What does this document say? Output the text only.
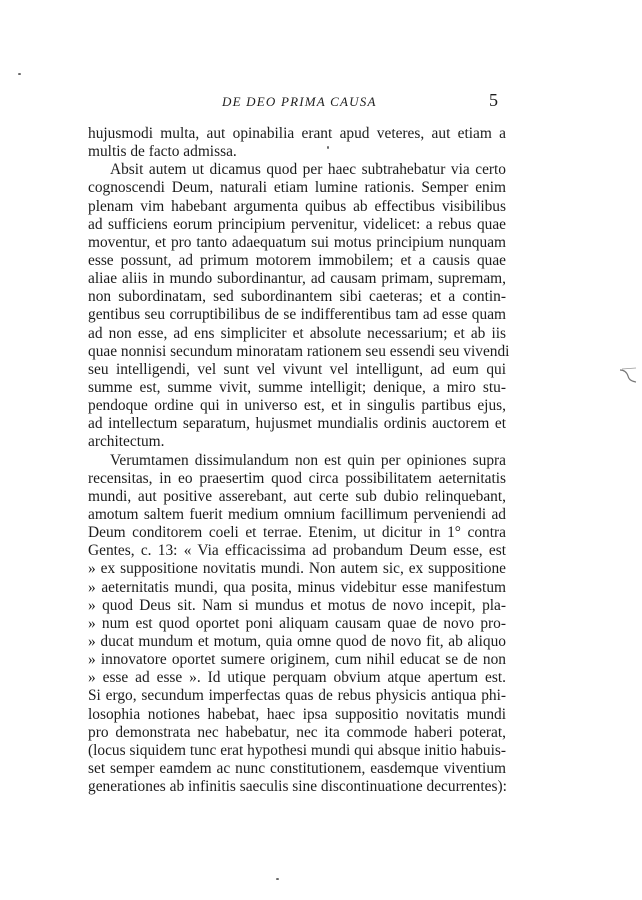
DE DEO PRIMA CAUSA	5
hujusmodi multa, aut opinabilia erant apud veteres, aut etiam a
multis de facto admissa.
Absit autem ut dicamus quod per haec subtrahebatur via certo
cognoscendi Deum, naturali etiam lumine rationis. Semper enim
plenam vim habebant argumenta quibus ab effectibus visibilibus
ad sufficiens eorum principium pervenitur, videlicet: a rebus quae
moventur, et pro tanto adaequatum sui motus principium nunquam
esse possunt, ad primum motorem immobilem; et a causis quae
aliae aliis in mundo subordinantur, ad causam primam, supremam,
non subordinatam, sed subordinantem sibi caeteras; et a contin-
gentibus seu corruptibilibus de se indifferentibus tam ad esse quam
ad non esse, ad ens simpliciter et absolute necessarium; et ab iis
quae nonnisi secundum minoratam rationem seu essendi seu vivendi
seu intelligendi, vel sunt vel vivunt vel intelligunt, ad eum qui
summe est, summe vivit, summe intelligit; denique, a miro stu-
pendoque ordine qui in universo est, et in singulis partibus ejus,
ad intellectum separatum, hujusmet mundialis ordinis auctorem et
architectum.
Verumtamen dissimulandum non est quin per opiniones supra
recensitas, in eo praesertim quod circa possibilitatem aeternitatis
mundi, aut positive asserebant, aut certe sub dubio relinquebant,
amotum saltem fuerit medium omnium facillimum perveniendi ad
Deum conditorem coeli et terrae. Etenim, ut dicitur in 1° contra
Gentes, c. 13: « Via efficacissima ad probandum Deum esse, est
» ex suppositione novitatis mundi. Non autem sic, ex suppositione
» aeternitatis mundi, qua posita, minus videbitur esse manifestum
» quod Deus sit. Nam si mundus et motus de novo incepit, pla-
» num est quod oportet poni aliquam causam quae de novo pro-
» ducat mundum et motum, quia omne quod de novo fit, ab aliquo
» innovatore oportet sumere originem, cum nihil educat se de non
» esse ad esse ». Id utique perquam obvium atque apertum est.
Si ergo, secundum imperfectas quas de rebus physicis antiqua phi-
losophia notiones habebat, haec ipsa suppositio novitatis mundi
pro demonstrata nec habebatur, nec ita commode haberi poterat,
(locus siquidem tunc erat hypothesi mundi qui absque initio habuis-
set semper eamdem ac nunc constitutionem, easdemque viventium
generationes ab infinitis saeculis sine discontinuatione decurrentes):
